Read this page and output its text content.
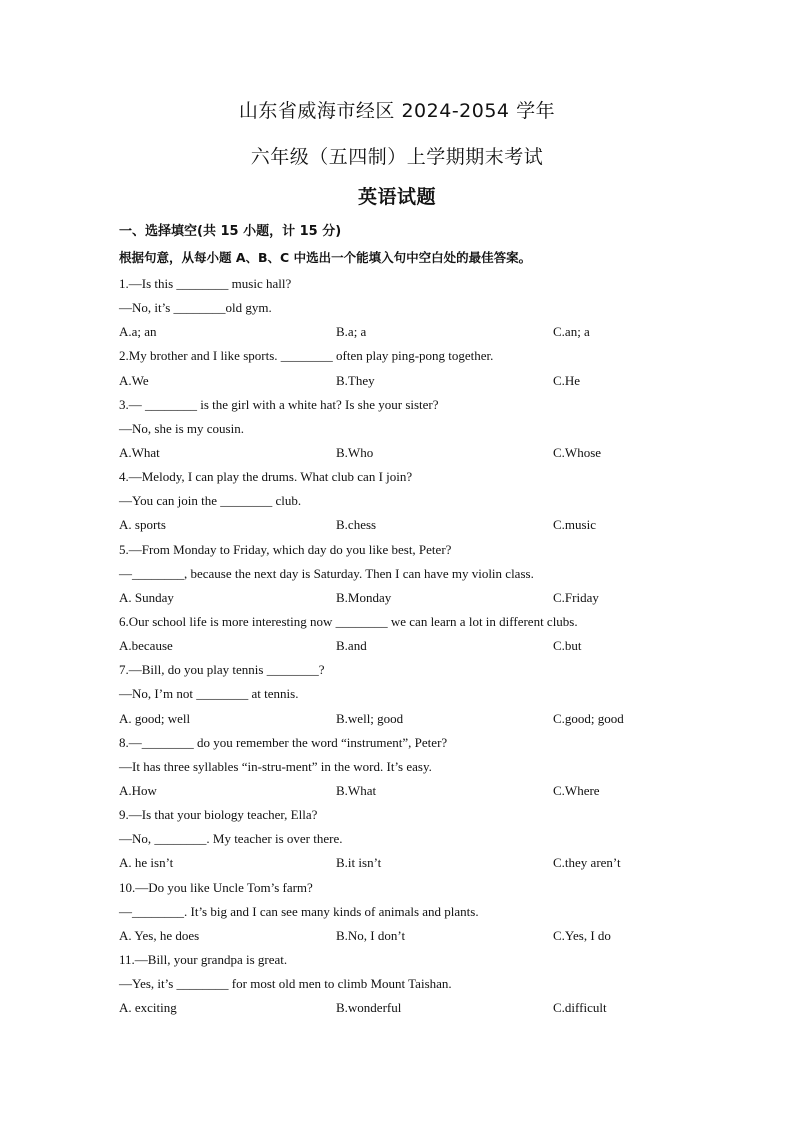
山东省威海市经区 2024-2054 学年
六年级（五四制）上学期期末考试
英语试题
一、选择填空(共 15 小题，计 15 分)
根据句意，从每小题 A、B、C 中选出一个能填入句中空白处的最佳答案。
1.—Is this ________ music hall?
—No, it’s ________old gym.
A.a; an	B.a; a	C.an; a
2.My brother and I like sports. ________ often play ping-pong together.
A.We	B.They	C.He
3.— ________ is the girl with a white hat? Is she your sister?
—No, she is my cousin.
A.What	B.Who	C.Whose
4.—Melody, I can play the drums. What club can I join?
—You can join the ________ club.
A. sports	B.chess	C.music
5.—From Monday to Friday, which day do you like best, Peter?
—________, because the next day is Saturday. Then I can have my violin class.
A. Sunday	B.Monday	C.Friday
6.Our school life is more interesting now ________ we can learn a lot in different clubs.
A.because	B.and	C.but
7.—Bill, do you play tennis ________?
—No, I’m not ________ at tennis.
A. good; well	B.well; good	C.good; good
8.—________ do you remember the word “instrument”, Peter?
—It has three syllables “in-stru-ment” in the word. It’s easy.
A.How	B.What	C.Where
9.—Is that your biology teacher, Ella?
—No, ________. My teacher is over there.
A. he isn’t	B.it isn’t	C.they aren’t
10.—Do you like Uncle Tom’s farm?
—________. It’s big and I can see many kinds of animals and plants.
A. Yes, he does	B.No, I don’t	C.Yes, I do
11.—Bill, your grandpa is great.
—Yes, it’s ________ for most old men to climb Mount Taishan.
A. exciting	B.wonderful	C.difficult
